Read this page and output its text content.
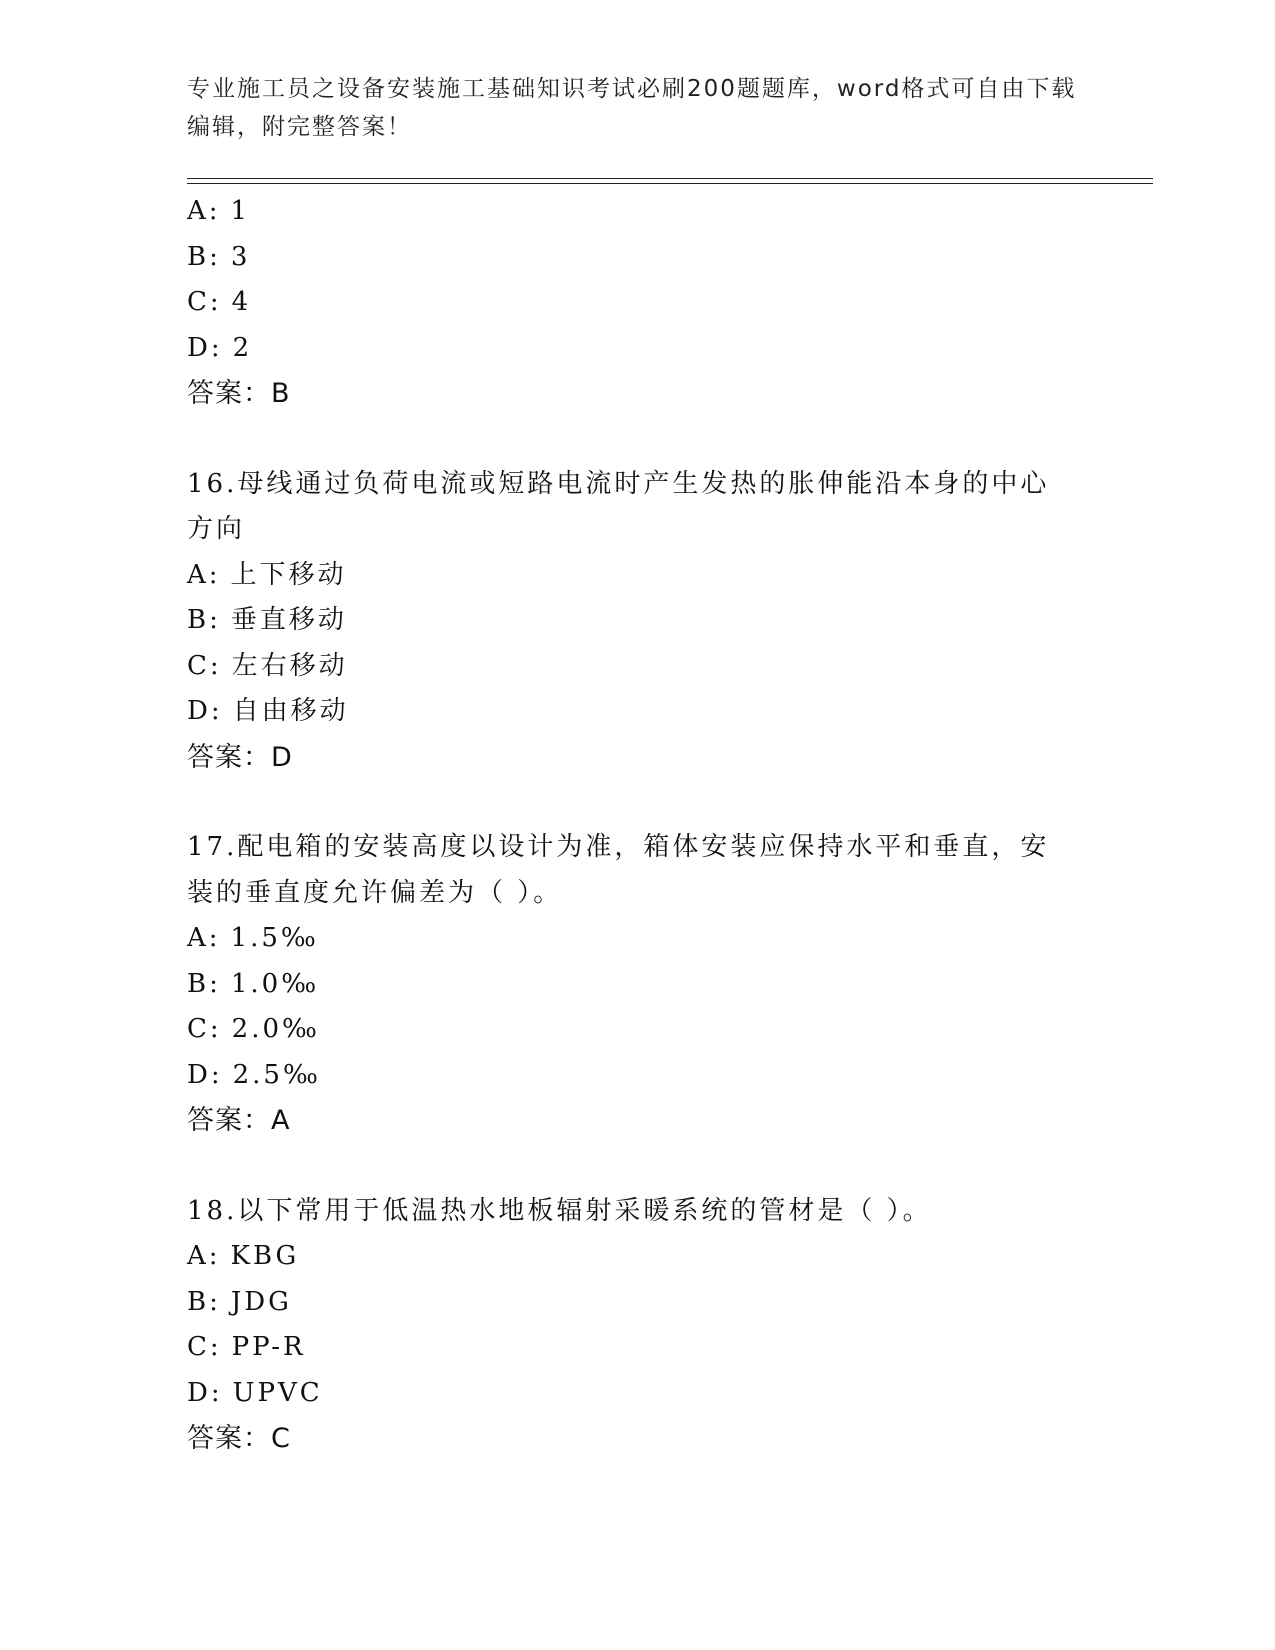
专业施工员之设备安装施工基础知识考试必刷200题题库，word格式可自由下载
编辑，附完整答案！
A: 1
B: 3
C: 4
D: 2
答案：B
16.母线通过负荷电流或短路电流时产生发热的胀伸能沿本身的中心方向
A: 上下移动
B: 垂直移动
C: 左右移动
D: 自由移动
答案：D
17.配电箱的安装高度以设计为准，箱体安装应保持水平和垂直，安装的垂直度允许偏差为（ ）。
A: 1.5‰
B: 1.0‰
C: 2.0‰
D: 2.5‰
答案：A
18.以下常用于低温热水地板辐射采暖系统的管材是（ ）。
A: KBG
B: JDG
C: PP-R
D: UPVC
答案：C
